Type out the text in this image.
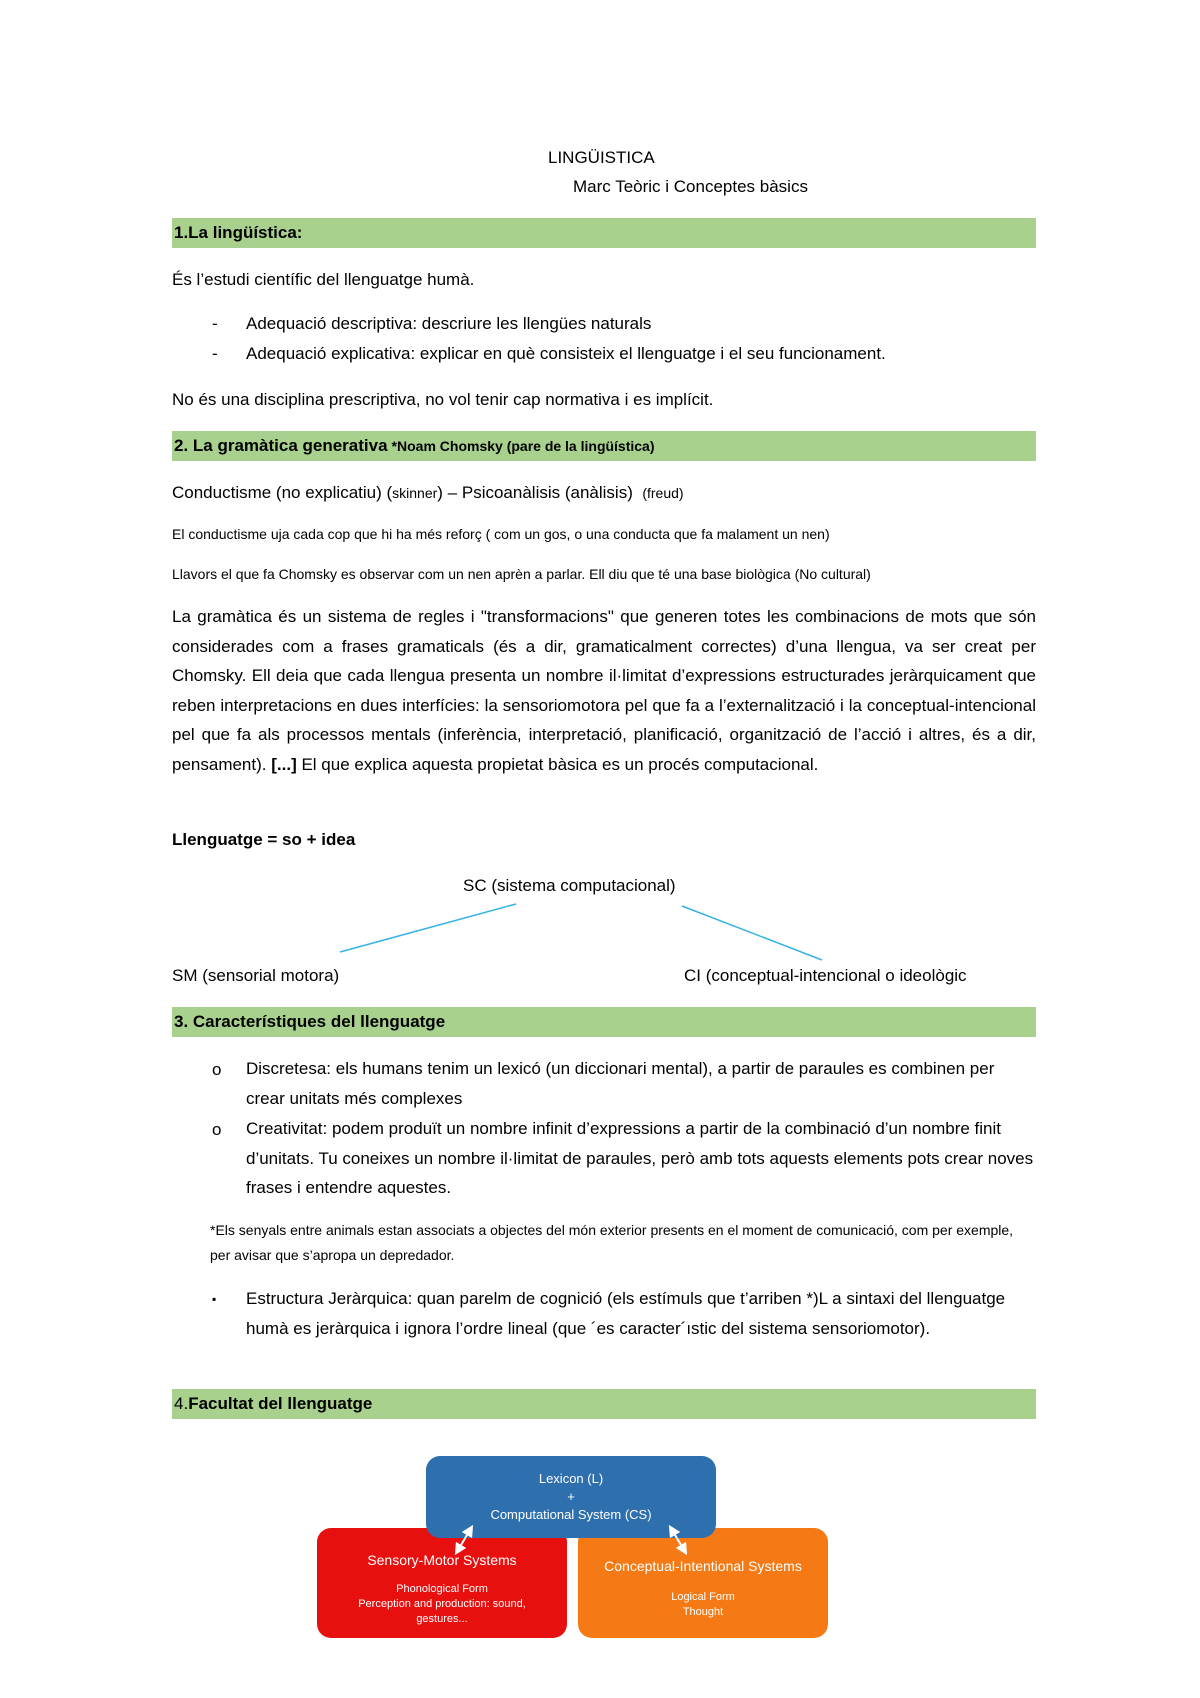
LINGÜISTICA
Marc Teòric i Conceptes bàsics
1.La lingüística:
És l’estudi científic del llenguatge humà.
- Adequació descriptiva: descriure les llengües naturals
- Adequació explicativa: explicar en què consisteix el llenguatge i el seu funcionament.
No és una disciplina prescriptiva, no vol tenir cap normativa i es implícit.
2. La gramàtica generativa *Noam Chomsky (pare de la lingüística)
Conductisme (no explicatiu) (skinner) – Psicoanàlisis (anàlisis) (freud)
El conductisme uja cada cop que hi ha més reforç ( com un gos, o una conducta que fa malament un nen)
Llavors el que fa Chomsky es observar com un nen aprèn a parlar. Ell diu que té una base biològica (No cultural)
La gramàtica és un sistema de regles i "transformacions" que generen totes les combinacions de mots que són considerades com a frases gramaticals (és a dir, gramaticalment correctes) d’una llengua, va ser creat per Chomsky. Ell deia que cada llengua presenta un nombre il·limitat d’expressions estructurades jeràrquicament que reben interpretacions en dues interfícies: la sensoriomotora pel que fa a l’externalització i la conceptual-intencional pel que fa als processos mentals (inferència, interpretació, planificació, organització de l’acció i altres, és a dir, pensament). [...] El que explica aquesta propietat bàsica es un procés computacional.
Llenguatge = so + idea
SC (sistema computacional)
SM (sensorial motora)	CI (conceptual-intencional o ideològic
3. Característiques del llenguatge
o Discretesa: els humans tenim un lexicó (un diccionari mental), a partir de paraules es combinen per crear unitats més complexes
o Creativitat: podem produït un nombre infinit d’expressions a partir de la combinació d’un nombre finit d’unitats. Tu coneixes un nombre il·limitat de paraules, però amb tots aquests elements pots crear noves frases i entendre aquestes.
*Els senyals entre animals estan associats a objectes del món exterior presents en el moment de comunicació, com per exemple, per avisar que s’apropa un depredador.
▪ Estructura Jeràrquica: quan parelm de cognició (els estímuls que t’arriben *)L a sintaxi del llenguatge humà es jeràrquica i ignora l’ordre lineal (que ´es caracter´ıstic del sistema sensoriomotor).
4. Facultat del llenguatge
Sensory-Motor Systems
Phonological Form
Perception and production: sound,
gestures...
Conceptual-Intentional Systems
Logical Form
Thought
Lexicon (L)
+
Computational System (CS)
